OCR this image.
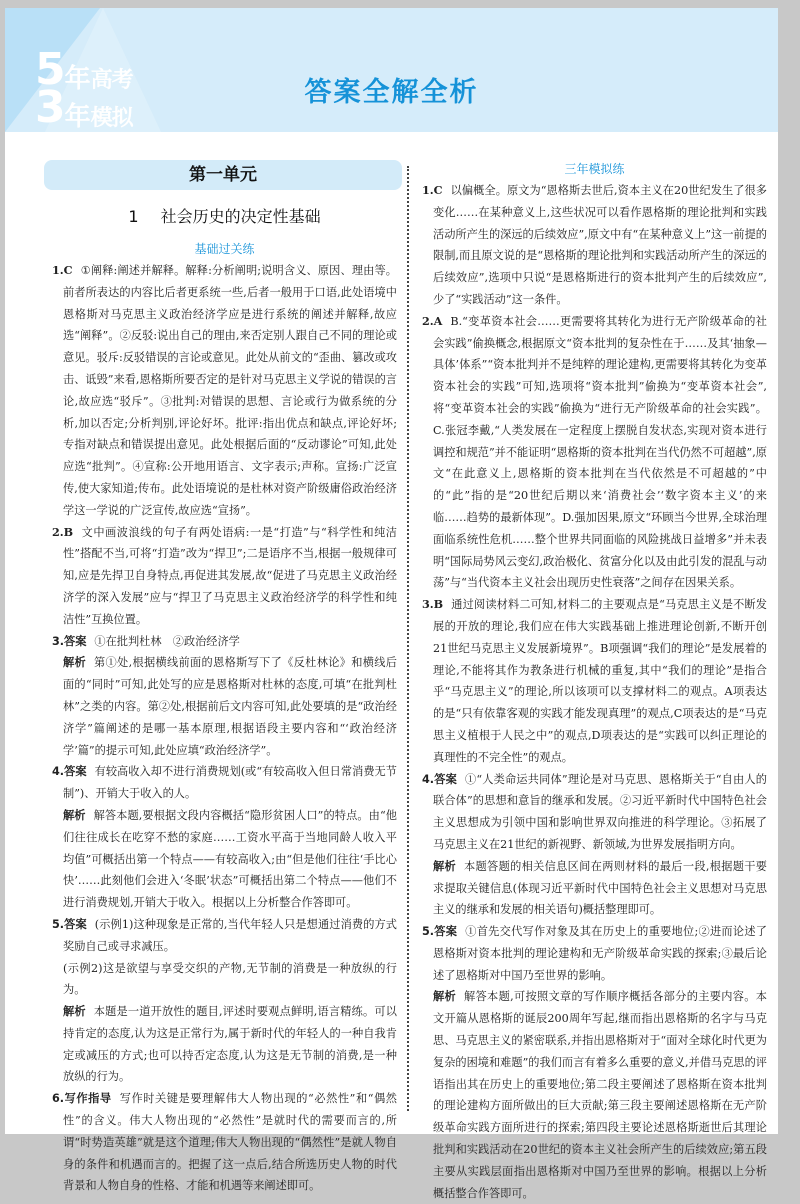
5 年 高考
3 年 模拟
答案全解全析
第一单元
1 社会历史的决定性基础
基础过关练
1.C ①阐释:阐述并解释。解释:分析阐明;说明含义、原因、理由等。前者所表达的内容比后者更系统一些,后者一般用于口语,此处语境中恩格斯对马克思主义政治经济学应是进行系统的阐述并解释,故应选“阐释”。②反驳:说出自己的理由,来否定别人跟自己不同的理论或意见。驳斥:反驳错误的言论或意见。此处从前文的“歪曲、篡改或攻击、诋毁”来看,恩格斯所要否定的是针对马克思主义学说的错误的言论,故应选“驳斥”。③批判:对错误的思想、言论或行为做系统的分析,加以否定;分析判别,评论好坏。批评:指出优点和缺点,评论好坏;专指对缺点和错误提出意见。此处根据后面的“反动谬论”可知,此处应选“批判”。④宣称:公开地用语言、文字表示;声称。宣扬:广泛宣传,使大家知道;传布。此处语境说的是杜林对资产阶级庸俗政治经济学这一学说的广泛宣传,故应选“宣扬”。
2.B 文中画波浪线的句子有两处语病:一是“打造”与“科学性和纯洁性”搭配不当,可将“打造”改为“捍卫”;二是语序不当,根据一般规律可知,应是先捍卫自身特点,再促进其发展,故“促进了马克思主义政治经济学的深入发展”应与“捍卫了马克思主义政治经济学的科学性和纯洁性”互换位置。
3.答案 ①在批判杜林　②政治经济学
解析 第①处,根据横线前面的恩格斯写下了《反杜林论》和横线后面的“同时”可知,此处写的应是恩格斯对杜林的态度,可填“在批判杜林”之类的内容。第②处,根据前后文内容可知,此处要填的是“政治经济学”篇阐述的是哪一基本原理,根据语段主要内容和“‘政治经济学’篇”的提示可知,此处应填“政治经济学”。
4.答案 有较高收入却不进行消费规划(或“有较高收入但日常消费无节制”)、开销大于收入的人。
解析 解答本题,要根据文段内容概括“隐形贫困人口”的特点。由“他们往往成长在吃穿不愁的家庭……工资水平高于当地同龄人收入平均值”可概括出第一个特点——有较高收入;由“但是他们往往‘手比心快’……此刻他们会进入‘冬眠’状态”可概括出第二个特点——他们不进行消费规划,开销大于收入。根据以上分析整合作答即可。
5.答案 (示例1)这种现象是正常的,当代年轻人只是想通过消费的方式奖励自己或寻求减压。
(示例2)这是欲望与享受交织的产物,无节制的消费是一种放纵的行为。
解析 本题是一道开放性的题目,评述时要观点鲜明,语言精练。可以持肯定的态度,认为这是正常行为,属于新时代的年轻人的一种自我肯定或减压的方式;也可以持否定态度,认为这是无节制的消费,是一种放纵的行为。
6.写作指导 写作时关键是要理解伟大人物出现的“必然性”和“偶然性”的含义。伟大人物出现的“必然性”是就时代的需要而言的,所谓“时势造英雄”就是这个道理;伟大人物出现的“偶然性”是就人物自身的条件和机遇而言的。把握了这一点后,结合所选历史人物的时代背景和人物自身的性格、才能和机遇等来阐述即可。
三年模拟练
1.C 以偏概全。原文为“恩格斯去世后,资本主义在20世纪发生了很多变化……在某种意义上,这些状况可以看作恩格斯的理论批判和实践活动所产生的深远的后续效应”,原文中有“在某种意义上”这一前提的限制,而且原文说的是“恩格斯的理论批判和实践活动所产生的深远的后续效应”,选项中只说“是恩格斯进行的资本批判产生的后续效应”,少了“实践活动”这一条件。
2.A B.“变革资本社会……更需要将其转化为进行无产阶级革命的社会实践”偷换概念,根据原文“资本批判的复杂性在于……及其‘抽象—具体’体系”“资本批判并不是纯粹的理论建构,更需要将其转化为变革资本社会的实践”可知,选项将“资本批判”偷换为“变革资本社会”,将“变革资本社会的实践”偷换为“进行无产阶级革命的社会实践”。C.张冠李戴,“人类发展在一定程度上摆脱自发状态,实现对资本进行调控和规范”并不能证明“恩格斯的资本批判在当代仍然不可超越”,原文“在此意义上,恩格斯的资本批判在当代依然是不可超越的”中的“此”指的是“20世纪后期以来‘消费社会’‘数字资本主义’的来临……趋势的最新体现”。D.强加因果,原文“环顾当今世界,全球治理面临系统性危机……整个世界共同面临的风险挑战日益增多”并未表明“国际局势风云变幻,政治极化、贫富分化以及由此引发的混乱与动荡”与“当代资本主义社会出现历史性衰落”之间存在因果关系。
3.B 通过阅读材料二可知,材料二的主要观点是“马克思主义是不断发展的开放的理论,我们应在伟大实践基础上推进理论创新,不断开创21世纪马克思主义发展新境界”。B项强调“我们的理论”是发展着的理论,不能将其作为教条进行机械的重复,其中“我们的理论”是指合乎“马克思主义”的理论,所以该项可以支撑材料二的观点。A项表达的是“只有依靠客观的实践才能发现真理”的观点,C项表达的是“马克思主义植根于人民之中”的观点,D项表达的是“实践可以纠正理论的真理性的不完全性”的观点。
4.答案 ①“人类命运共同体”理论是对马克思、恩格斯关于“自由人的联合体”的思想和意旨的继承和发展。②习近平新时代中国特色社会主义思想成为引领中国和影响世界双向推进的科学理论。③拓展了马克思主义在21世纪的新视野、新领域,为世界发展指明方向。
解析 本题答题的相关信息区间在两则材料的最后一段,根据题干要求提取关键信息(体现习近平新时代中国特色社会主义思想对马克思主义的继承和发展的相关语句)概括整理即可。
5.答案 ①首先交代写作对象及其在历史上的重要地位;②进而论述了恩格斯对资本批判的理论建构和无产阶级革命实践的探索;③最后论述了恩格斯对中国乃至世界的影响。
解析 解答本题,可按照文章的写作顺序概括各部分的主要内容。本文开篇从恩格斯的诞辰200周年写起,继而指出恩格斯的名字与马克思、马克思主义的紧密联系,并指出恩格斯对于“面对全球化时代更为复杂的困境和难题”的我们而言有着多么重要的意义,并借马克思的评语指出其在历史上的重要地位;第二段主要阐述了恩格斯在资本批判的理论建构方面所做出的巨大贡献;第三段主要阐述恩格斯在无产阶级革命实践方面所进行的探索;第四段主要论述恩格斯逝世后其理论批判和实践活动在20世纪的资本主义社会所产生的后续效应;第五段主要从实践层面指出恩格斯对中国乃至世界的影响。根据以上分析概括整合作答即可。
